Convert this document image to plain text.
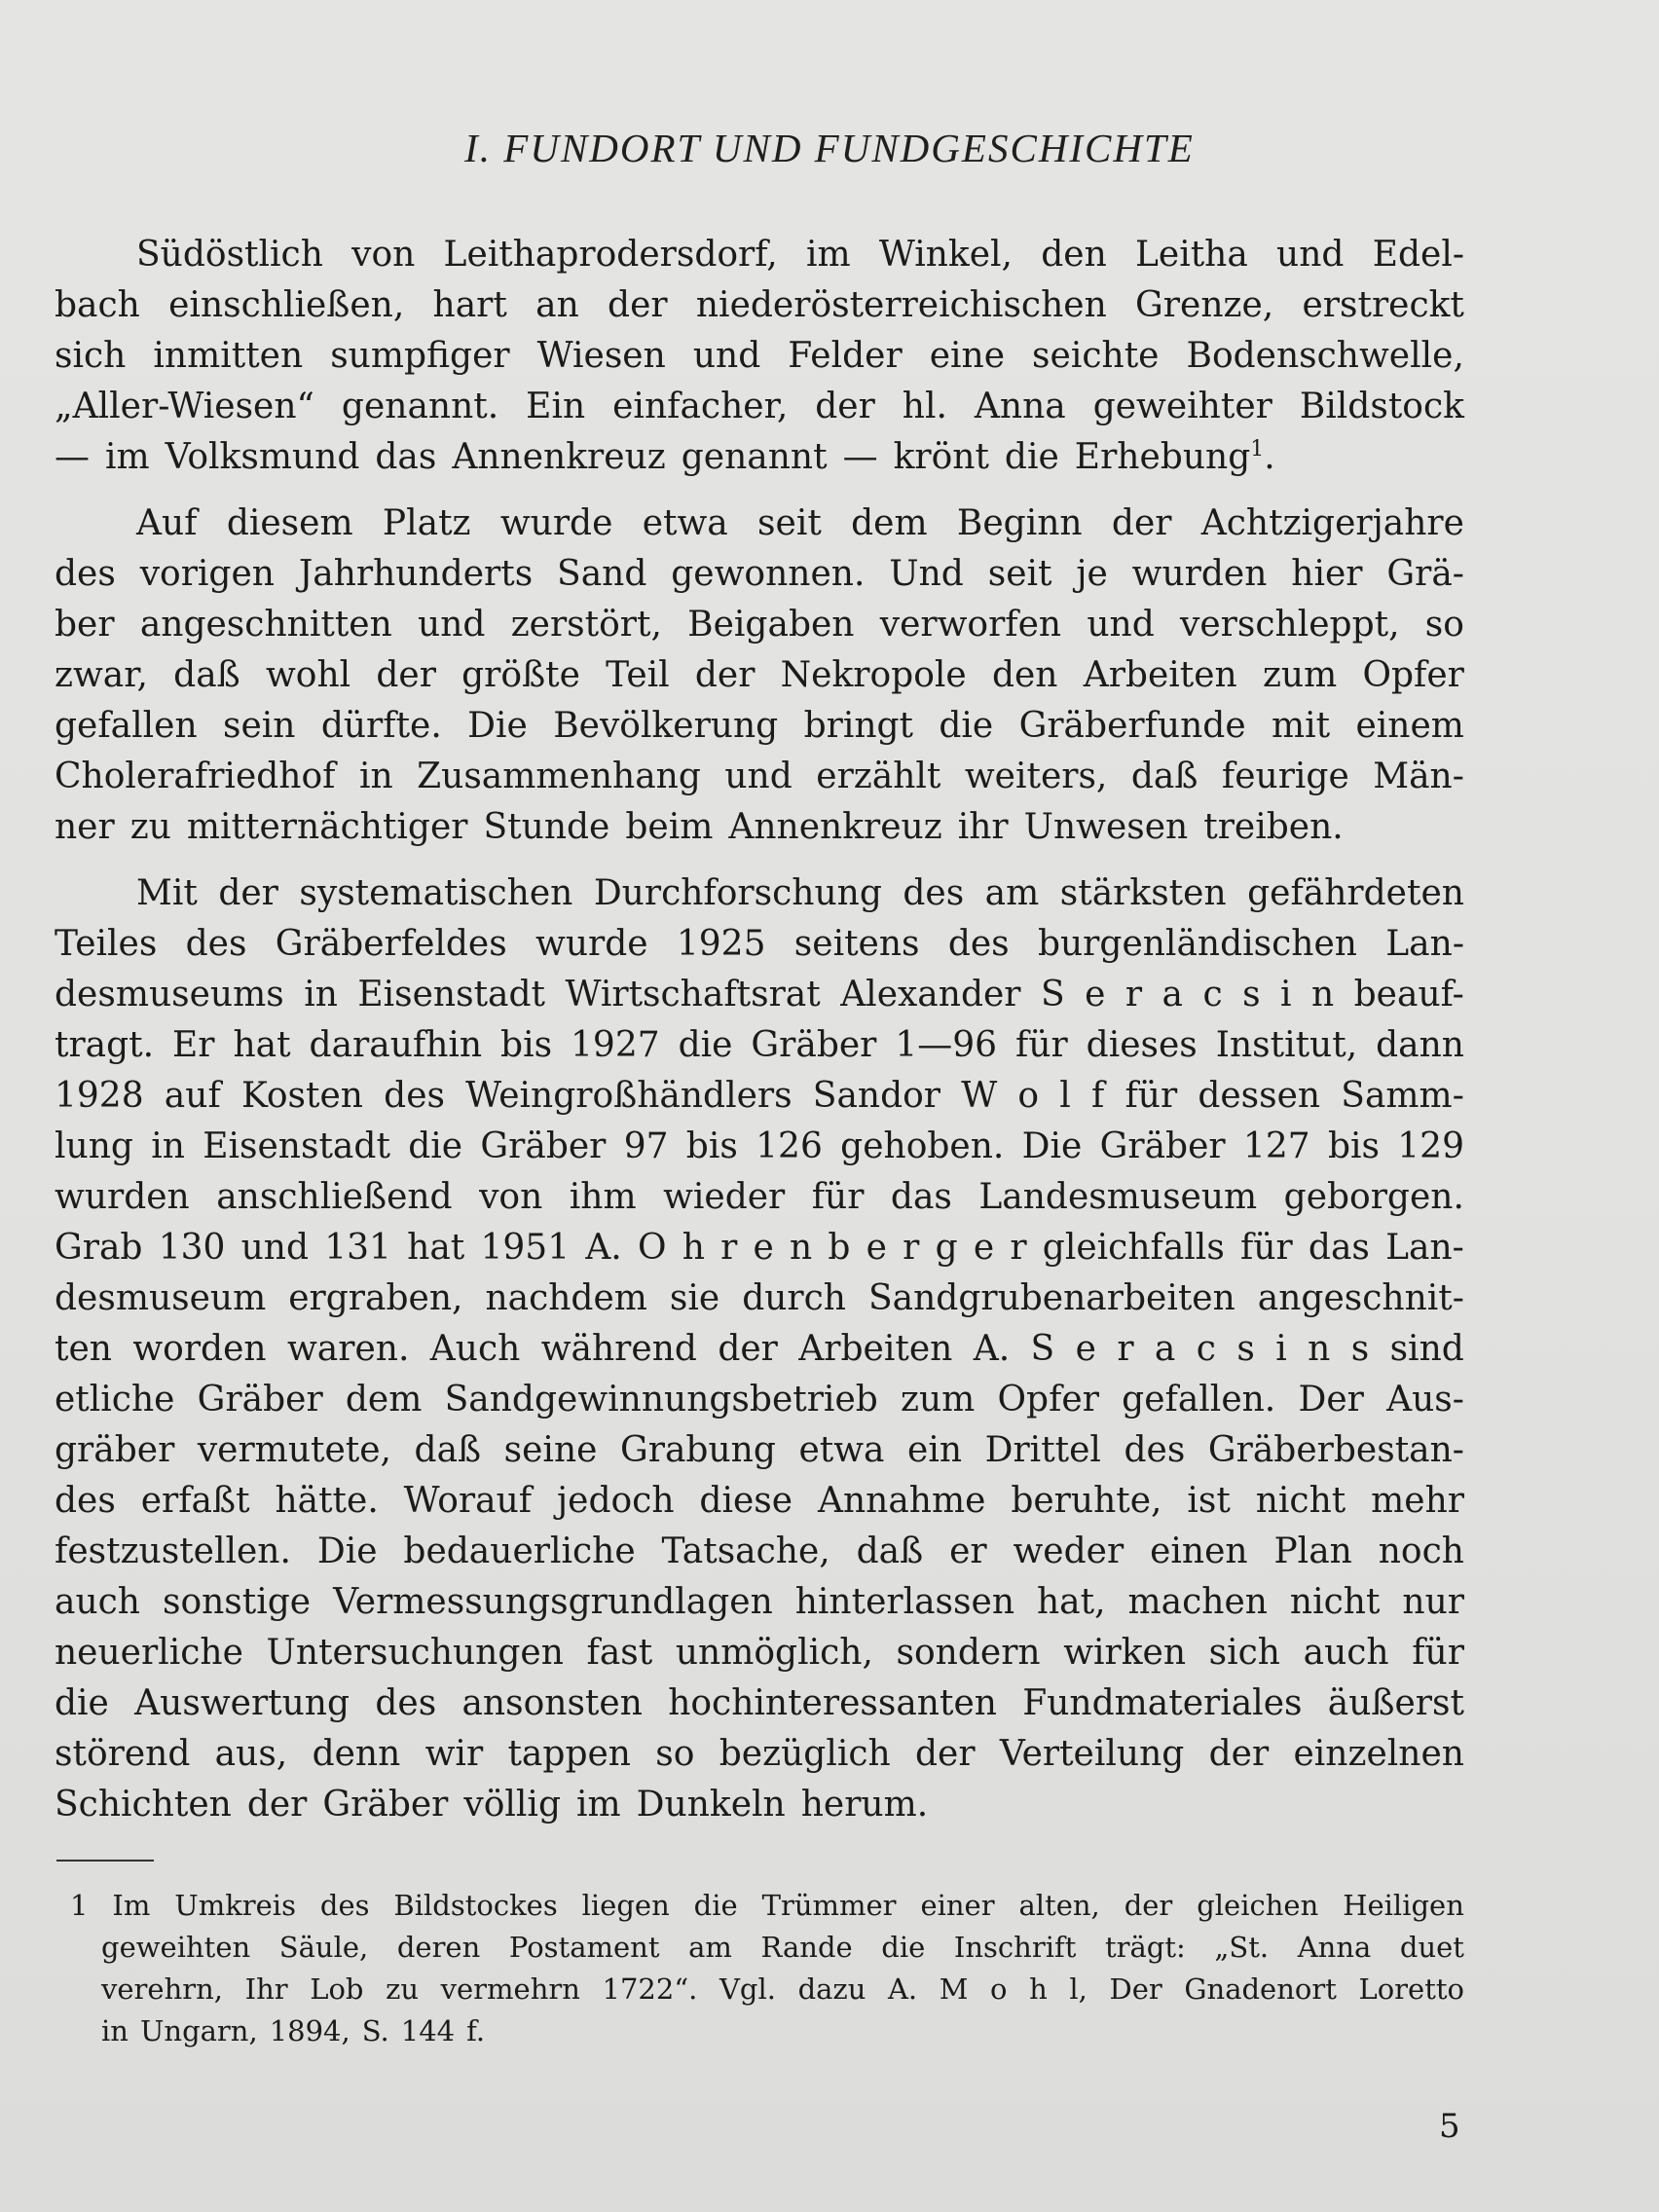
I. FUNDORT UND FUNDGESCHICHTE
Südöstlich von Leithaprodersdorf, im Winkel, den Leitha und Edel-
bach einschließen, hart an der niederösterreichischen Grenze, erstreckt
sich inmitten sumpfiger Wiesen und Felder eine seichte Bodenschwelle,
„Aller-Wiesen“ genannt. Ein einfacher, der hl. Anna geweihter Bildstock
— im Volksmund das Annenkreuz genannt — krönt die Erhebung$^1$.
Auf diesem Platz wurde etwa seit dem Beginn der Achtzigerjahre
des vorigen Jahrhunderts Sand gewonnen. Und seit je wurden hier Grä-
ber angeschnitten und zerstört, Beigaben verworfen und verschleppt, so
zwar, daß wohl der größte Teil der Nekropole den Arbeiten zum Opfer
gefallen sein dürfte. Die Bevölkerung bringt die Gräberfunde mit einem
Cholerafriedhof in Zusammenhang und erzählt weiters, daß feurige Män-
ner zu mitternächtiger Stunde beim Annenkreuz ihr Unwesen treiben.
Mit der systematischen Durchforschung des am stärksten gefährdeten
Teiles des Gräberfeldes wurde 1925 seitens des burgenländischen Lan-
desmuseums in Eisenstadt Wirtschaftsrat Alexander S e r a c s i n beauf-
tragt. Er hat daraufhin bis 1927 die Gräber 1—96 für dieses Institut, dann
1928 auf Kosten des Weingroßhändlers Sandor W o l f für dessen Samm-
lung in Eisenstadt die Gräber 97 bis 126 gehoben. Die Gräber 127 bis 129
wurden anschließend von ihm wieder für das Landesmuseum geborgen.
Grab 130 und 131 hat 1951 A. O h r e n b e r g e r gleichfalls für das Lan-
desmuseum ergraben, nachdem sie durch Sandgrubenarbeiten angeschnit-
ten worden waren. Auch während der Arbeiten A. S e r a c s i n s sind
etliche Gräber dem Sandgewinnungsbetrieb zum Opfer gefallen. Der Aus-
gräber vermutete, daß seine Grabung etwa ein Drittel des Gräberbestan-
des erfaßt hätte. Worauf jedoch diese Annahme beruhte, ist nicht mehr
festzustellen. Die bedauerliche Tatsache, daß er weder einen Plan noch
auch sonstige Vermessungsgrundlagen hinterlassen hat, machen nicht nur
neuerliche Untersuchungen fast unmöglich, sondern wirken sich auch für
die Auswertung des ansonsten hochinteressanten Fundmateriales äußerst
störend aus, denn wir tappen so bezüglich der Verteilung der einzelnen
Schichten der Gräber völlig im Dunkeln herum.
1 Im Umkreis des Bildstockes liegen die Trümmer einer alten, der gleichen Heiligen
geweihten Säule, deren Postament am Rande die Inschrift trägt: „St. Anna duet
verehrn, Ihr Lob zu vermehrn 1722“. Vgl. dazu A. M o h l, Der Gnadenort Loretto
in Ungarn, 1894, S. 144 f.
5
